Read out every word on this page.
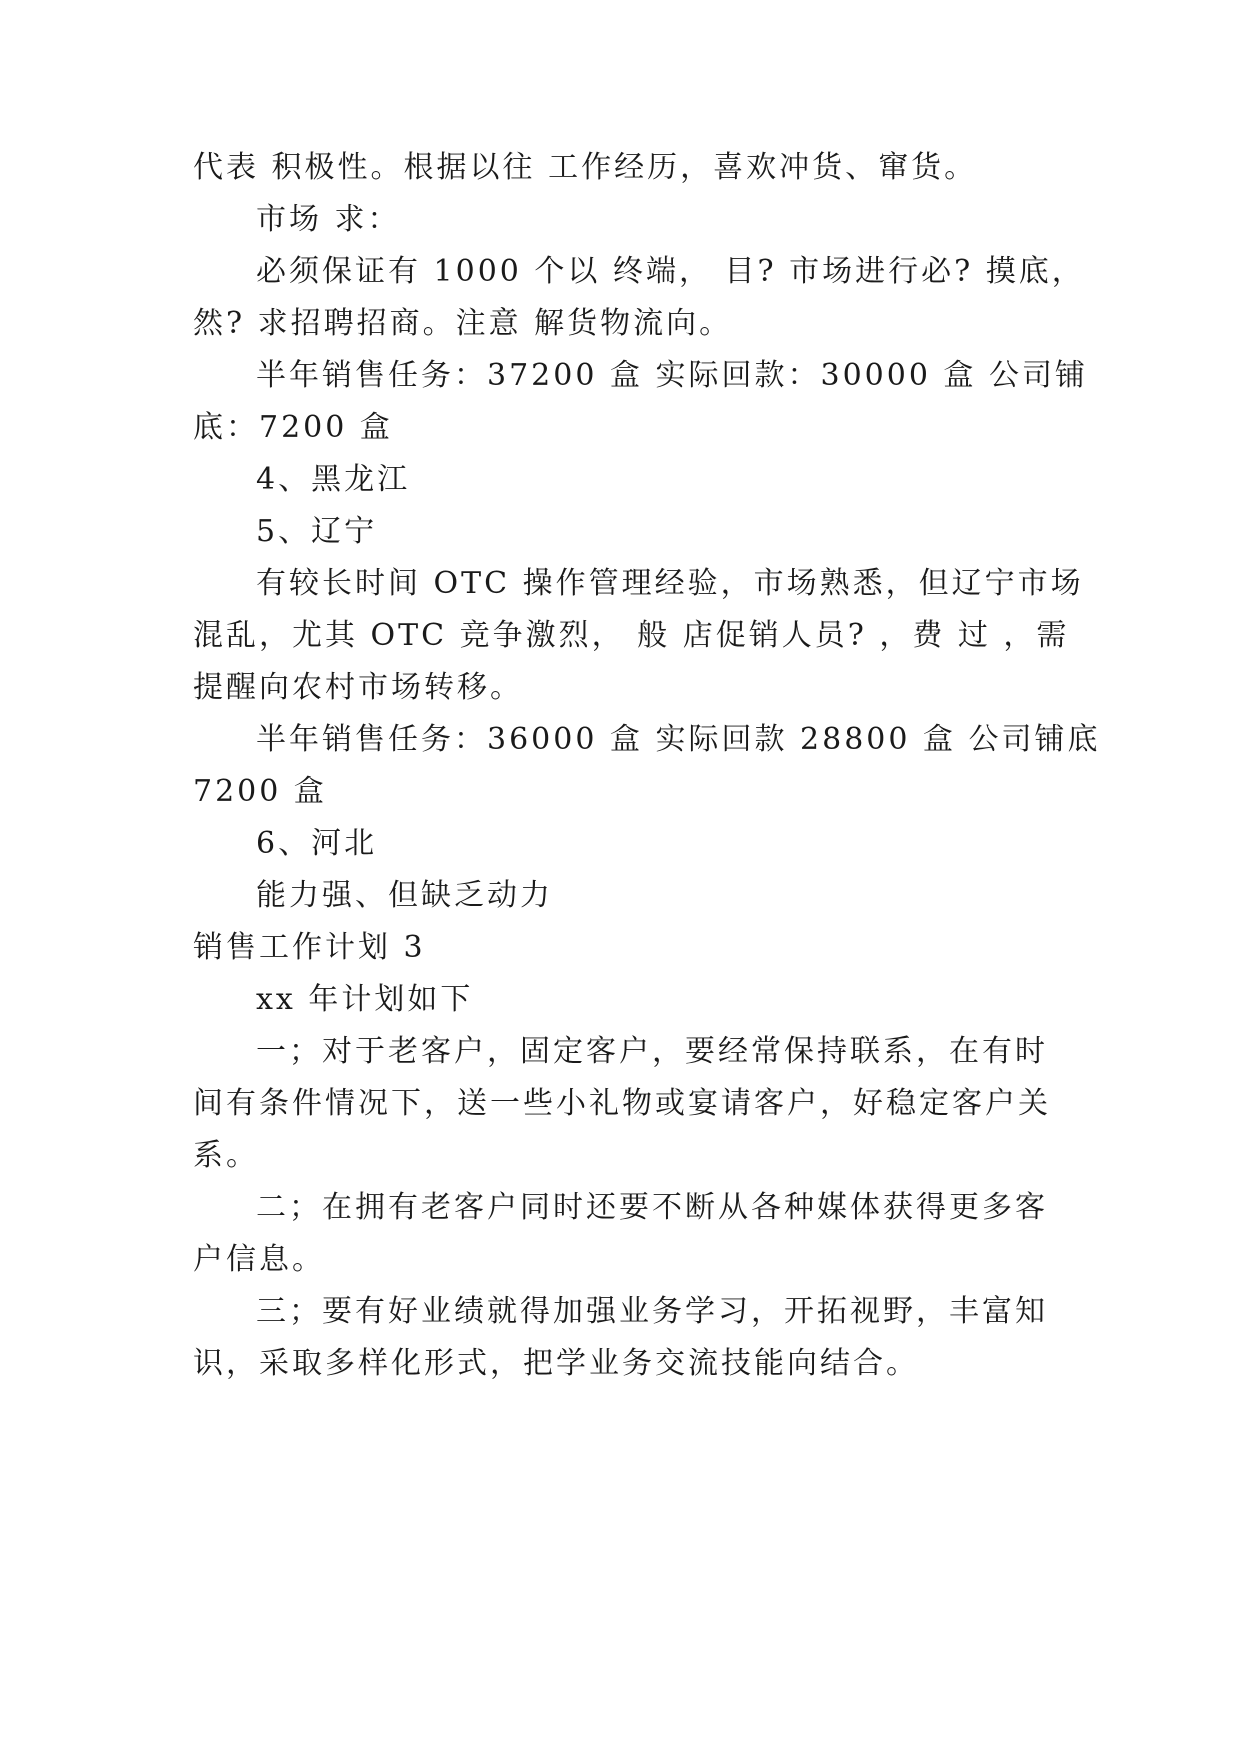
代表 积极性。根据以往 工作经历，喜欢冲货、窜货。
市场 求：
必须保证有 1000 个以 终端， 目? 市场进行必? 摸底，
然? 求招聘招商。注意 解货物流向。
半年销售任务：37200 盒 实际回款：30000 盒 公司铺
底：7200 盒
4、黑龙江
5、辽宁
有较长时间 OTC 操作管理经验，市场熟悉，但辽宁市场
混乱，尤其 OTC 竞争激烈， 般 店促销人员? ，费 过 ，需
提醒向农村市场转移。
半年销售任务：36000 盒 实际回款 28800 盒 公司铺底
7200 盒
6、河北
能力强、但缺乏动力
销售工作计划 3
xx 年计划如下
一；对于老客户，固定客户，要经常保持联系，在有时
间有条件情况下，送一些小礼物或宴请客户，好稳定客户关
系。
二；在拥有老客户同时还要不断从各种媒体获得更多客
户信息。
三；要有好业绩就得加强业务学习，开拓视野，丰富知
识，采取多样化形式，把学业务交流技能向结合。
